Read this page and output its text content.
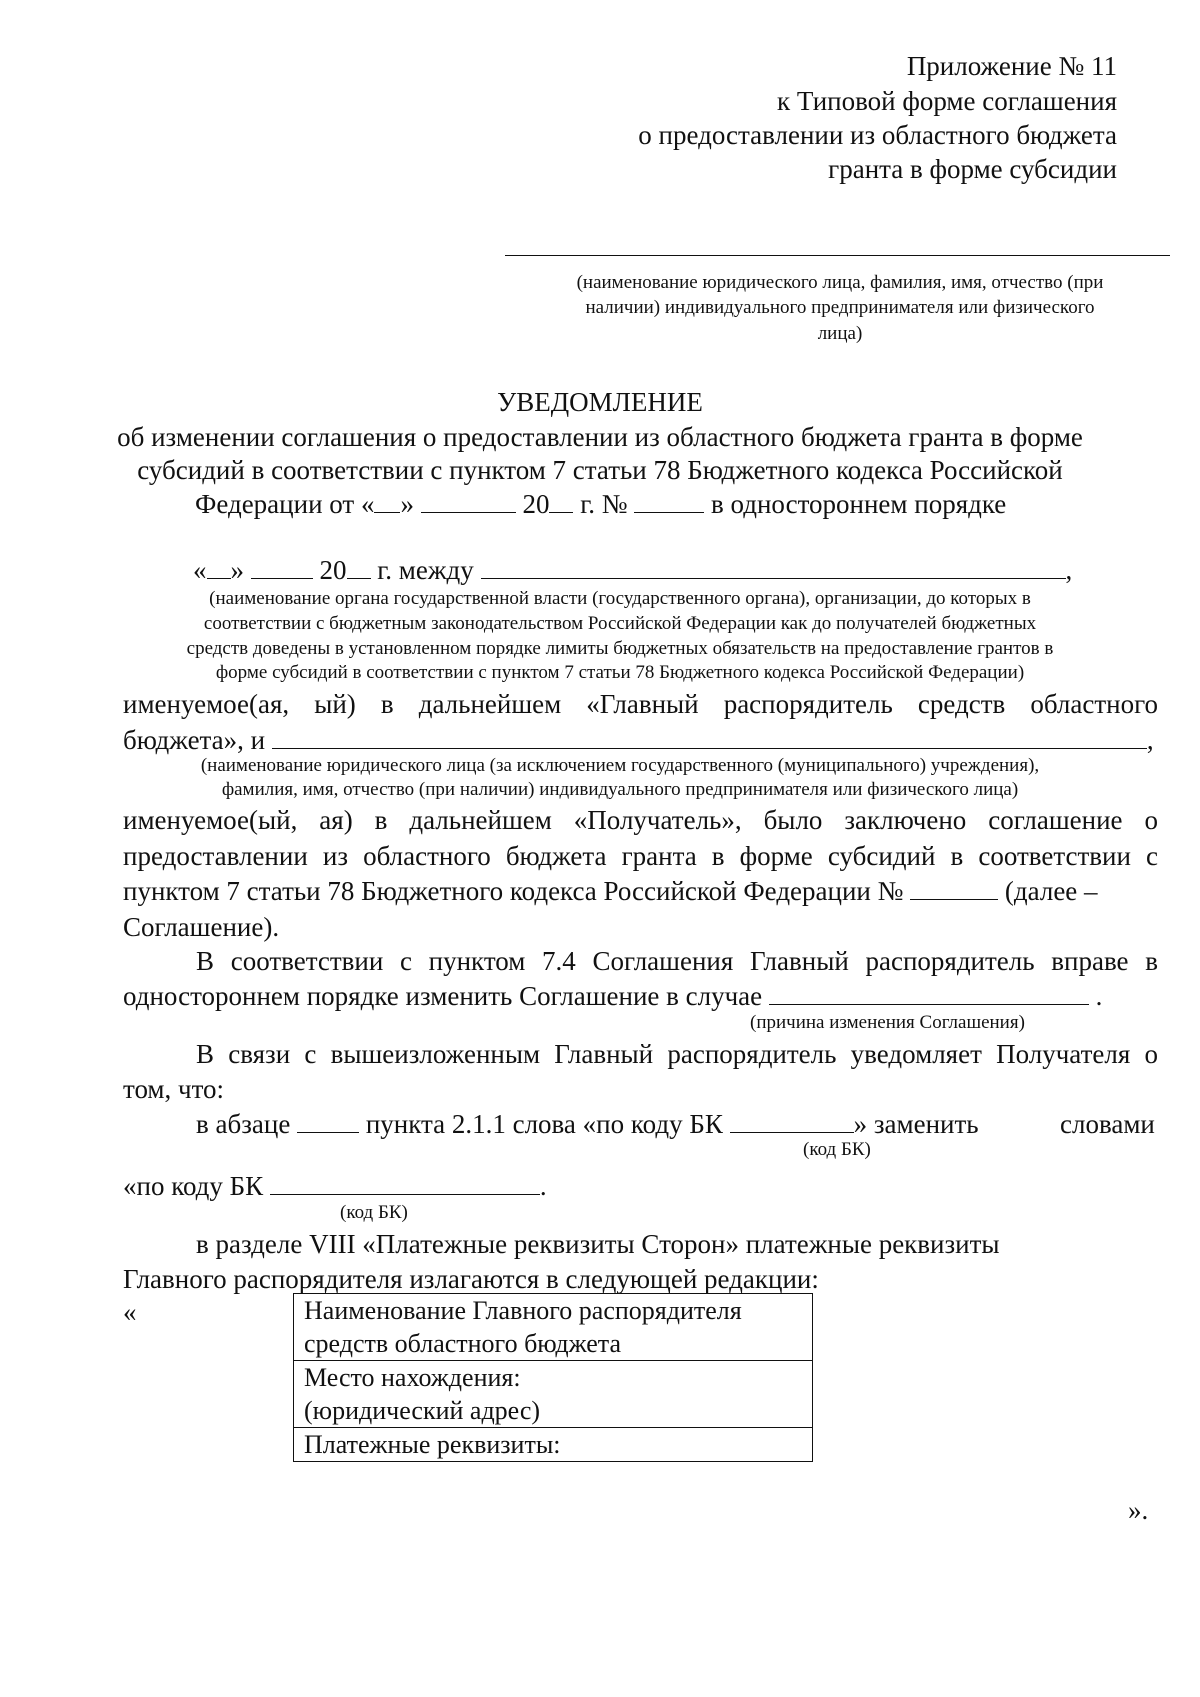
Приложение № 11
к Типовой форме соглашения
о предоставлении из областного бюджета
гранта в форме субсидии
(наименование юридического лица, фамилия, имя, отчество (при
наличии) индивидуального предпринимателя или физического
лица)
УВЕДОМЛЕНИЕ
об изменении соглашения о предоставлении из областного бюджета гранта в форме
субсидий в соответствии с пунктом 7 статьи 78 Бюджетного кодекса Российской
Федерации от « »	20 г. №	в одностороннем порядке
« »	20 г. между	,
(наименование органа государственной власти (государственного органа), организации, до которых в
соответствии с бюджетным законодательством Российской Федерации как до получателей бюджетных
средств доведены в установленном порядке лимиты бюджетных обязательств на предоставление грантов в
форме субсидий в соответствии с пунктом 7 статьи 78 Бюджетного кодекса Российской Федерации)
именуемое(ая, ый) в дальнейшем «Главный распорядитель средств областного
бюджета», и	,
(наименование юридического лица (за исключением государственного (муниципального) учреждения),
фамилия, имя, отчество (при наличии) индивидуального предпринимателя или физического лица)
именуемое(ый, ая) в дальнейшем «Получатель», было заключено соглашение о
предоставлении из областного бюджета гранта в форме субсидий в соответствии с
пунктом 7 статьи 78 Бюджетного кодекса Российской Федерации №	(далее –
Соглашение).
В соответствии с пунктом 7.4 Соглашения Главный распорядитель вправе в
одностороннем порядке изменить Соглашение в случае	.
(причина изменения Соглашения)
В связи с вышеизложенным Главный распорядитель уведомляет Получателя о
том, что:
в абзаце	пункта 2.1.1 слова «по коду БК	» заменить	словами
(код БК)
«по коду БК	.
(код БК)
в разделе VIII «Платежные реквизиты Сторон» платежные реквизиты
Главного распорядителя излагаются в следующей редакции:
«	Наименование Главного распорядителя
средств областного бюджета

Место нахождения:
(юридический адрес)

Платежные реквизиты:
».
